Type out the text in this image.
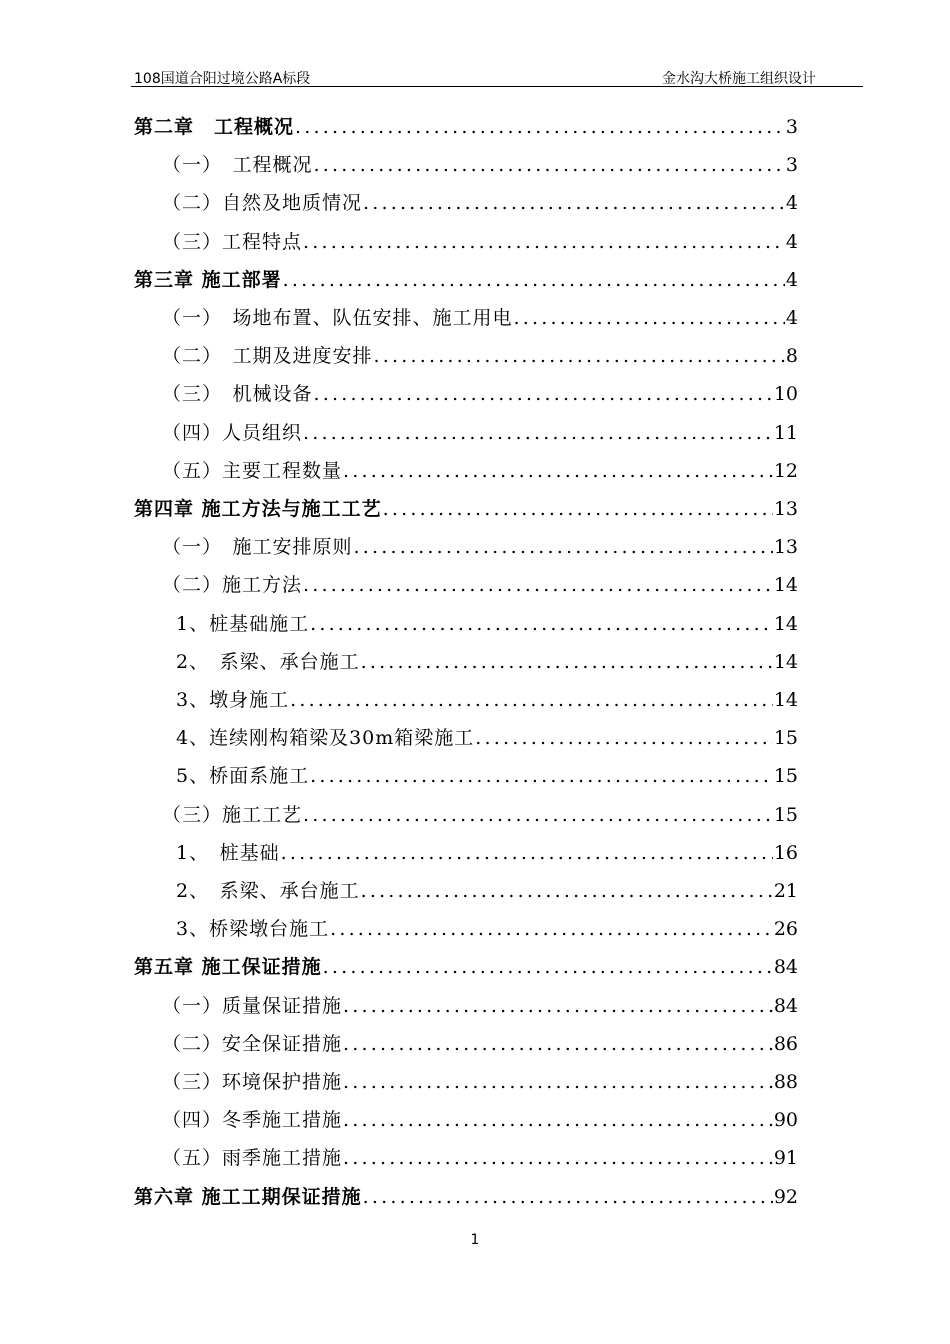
108国道合阳过境公路A标段	金水沟大桥施工组织设计
第二章　工程概况 .....	3
（一）　工程概况 .....	3
（二）自然及地质情况 .....	4
（三）工程特点 .....	4
第三章 施工部署 .....	4
（一）　场地布置、队伍安排、施工用电 .....	4
（二）　工期及进度安排 .....	8
（三）　机械设备 .....	10
（四）人员组织 .....	11
（五）主要工程数量 .....	12
第四章 施工方法与施工工艺 .....	13
（一）　施工安排原则 .....	13
（二）施工方法 .....	14
1、桩基础施工 .....	14
2、　系梁、承台施工 .....	14
3、墩身施工 .....	14
4、连续刚构箱梁及30m箱梁施工 .....	15
5、桥面系施工 .....	15
（三）施工工艺 .....	15
1、　桩基础 .....	16
2、　系梁、承台施工 .....	21
3、桥梁墩台施工 .....	26
第五章 施工保证措施 .....	84
（一）质量保证措施 .....	84
（二）安全保证措施 .....	86
（三）环境保护措施 .....	88
（四）冬季施工措施 .....	90
（五）雨季施工措施 .....	91
第六章 施工工期保证措施 .....	92
1
